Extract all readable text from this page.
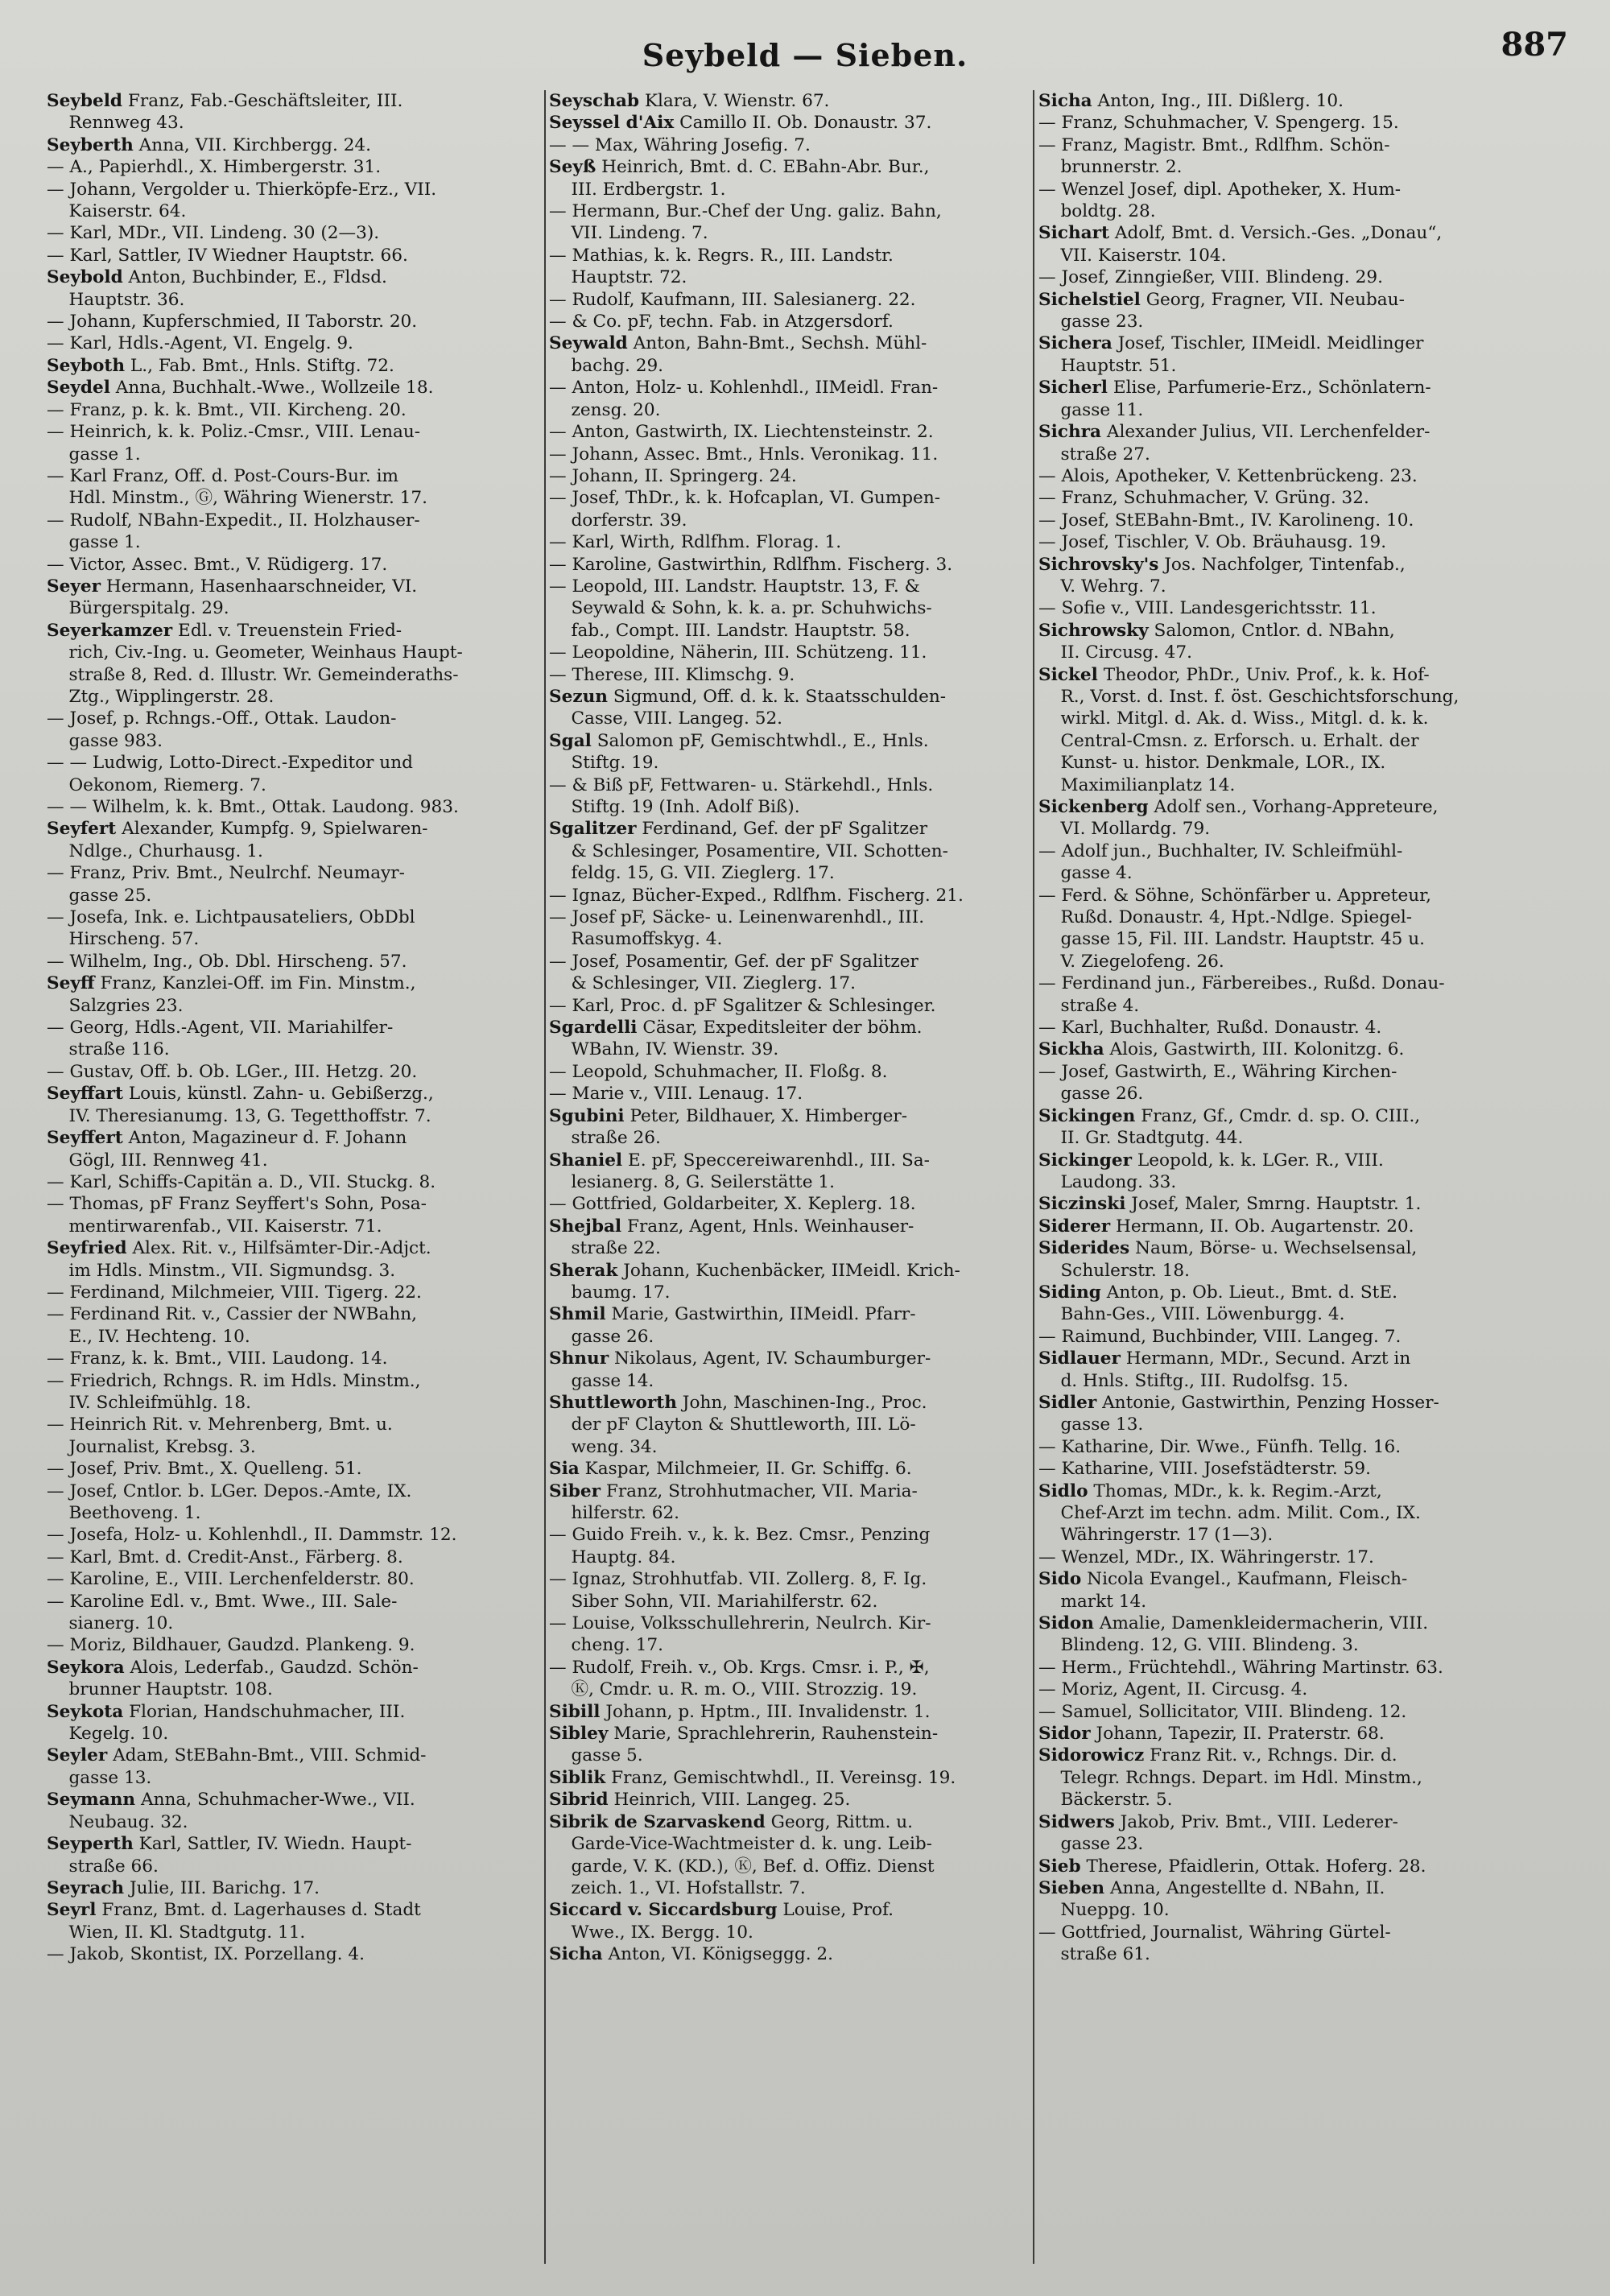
Seybeld — Sieben.	887
Seybeld Franz, Fab.-Geschäftsleiter, III.
Rennweg 43.
Seyberth Anna, VII. Kirchbergg. 24.
— A., Papierhdl., X. Himbergerstr. 31.
— Johann, Vergolder u. Thierköpfe-Erz., VII.
Kaiserstr. 64.
— Karl, MDr., VII. Lindeng. 30 (2—3).
— Karl, Sattler, IV Wiedner Hauptstr. 66.
Seybold Anton, Buchbinder, E., Fldsd.
Hauptstr. 36.
— Johann, Kupferschmied, II Taborstr. 20.
— Karl, Hdls.-Agent, VI. Engelg. 9.
Seyboth L., Fab. Bmt., Hnls. Stiftg. 72.
Seydel Anna, Buchhalt.-Wwe., Wollzeile 18.
— Franz, p. k. k. Bmt., VII. Kircheng. 20.
— Heinrich, k. k. Poliz.-Cmsr., VIII. Lenau-
gasse 1.
— Karl Franz, Off. d. Post-Cours-Bur. im
Hdl. Minstm., Ⓖ, Währing Wienerstr. 17.
— Rudolf, NBahn-Expedit., II. Holzhauser-
gasse 1.
— Victor, Assec. Bmt., V. Rüdigerg. 17.
Seyer Hermann, Hasenhaarschneider, VI.
Bürgerspitalg. 29.
Seyerkamzer Edl. v. Treuenstein Fried-
rich, Civ.-Ing. u. Geometer, Weinhaus Haupt-
straße 8, Red. d. Illustr. Wr. Gemeinderaths-
Ztg., Wipplingerstr. 28.
— Josef, p. Rchngs.-Off., Ottak. Laudon-
gasse 983.
— — Ludwig, Lotto-Direct.-Expeditor und
Oekonom, Riemerg. 7.
— — Wilhelm, k. k. Bmt., Ottak. Laudong. 983.
Seyfert Alexander, Kumpfg. 9, Spielwaren-
Ndlge., Churhausg. 1.
— Franz, Priv. Bmt., Neulrchf. Neumayr-
gasse 25.
— Josefa, Ink. e. Lichtpausateliers, ObDbl
Hirscheng. 57.
— Wilhelm, Ing., Ob. Dbl. Hirscheng. 57.
Seyff Franz, Kanzlei-Off. im Fin. Minstm.,
Salzgries 23.
— Georg, Hdls.-Agent, VII. Mariahilfer-
straße 116.
— Gustav, Off. b. Ob. LGer., III. Hetzg. 20.
Seyffart Louis, künstl. Zahn- u. Gebißerzg.,
IV. Theresianumg. 13, G. Tegetthoffstr. 7.
Seyffert Anton, Magazineur d. F. Johann
Gögl, III. Rennweg 41.
— Karl, Schiffs-Capitän a. D., VII. Stuckg. 8.
— Thomas, pF Franz Seyffert's Sohn, Posa-
mentirwarenfab., VII. Kaiserstr. 71.
Seyfried Alex. Rit. v., Hilfsämter-Dir.-Adjct.
im Hdls. Minstm., VII. Sigmundsg. 3.
— Ferdinand, Milchmeier, VIII. Tigerg. 22.
— Ferdinand Rit. v., Cassier der NWBahn,
E., IV. Hechteng. 10.
— Franz, k. k. Bmt., VIII. Laudong. 14.
— Friedrich, Rchngs. R. im Hdls. Minstm.,
IV. Schleifmühlg. 18.
— Heinrich Rit. v. Mehrenberg, Bmt. u.
Journalist, Krebsg. 3.
— Josef, Priv. Bmt., X. Quelleng. 51.
— Josef, Cntlor. b. LGer. Depos.-Amte, IX.
Beethoveng. 1.
— Josefa, Holz- u. Kohlenhdl., II. Dammstr. 12.
— Karl, Bmt. d. Credit-Anst., Färberg. 8.
— Karoline, E., VIII. Lerchenfelderstr. 80.
— Karoline Edl. v., Bmt. Wwe., III. Sale-
sianerg. 10.
— Moriz, Bildhauer, Gaudzd. Plankeng. 9.
Seykora Alois, Lederfab., Gaudzd. Schön-
brunner Hauptstr. 108.
Seykota Florian, Handschuhmacher, III.
Kegelg. 10.
Seyler Adam, StEBahn-Bmt., VIII. Schmid-
gasse 13.
Seymann Anna, Schuhmacher-Wwe., VII.
Neubaug. 32.
Seyperth Karl, Sattler, IV. Wiedn. Haupt-
straße 66.
Seyrach Julie, III. Barichg. 17.
Seyrl Franz, Bmt. d. Lagerhauses d. Stadt
Wien, II. Kl. Stadtgutg. 11.
— Jakob, Skontist, IX. Porzellang. 4.
Seyschab Klara, V. Wienstr. 67.
Seyssel d'Aix Camillo II. Ob. Donaustr. 37.
— — Max, Währing Josefig. 7.
Seyß Heinrich, Bmt. d. C. EBahn-Abr. Bur.,
III. Erdbergstr. 1.
— Hermann, Bur.-Chef der Ung. galiz. Bahn,
VII. Lindeng. 7.
— Mathias, k. k. Regrs. R., III. Landstr.
Hauptstr. 72.
— Rudolf, Kaufmann, III. Salesianerg. 22.
— & Co. pF, techn. Fab. in Atzgersdorf.
Seywald Anton, Bahn-Bmt., Sechsh. Mühl-
bachg. 29.
— Anton, Holz- u. Kohlenhdl., IIMeidl. Fran-
zensg. 20.
— Anton, Gastwirth, IX. Liechtensteinstr. 2.
— Johann, Assec. Bmt., Hnls. Veronikag. 11.
— Johann, II. Springerg. 24.
— Josef, ThDr., k. k. Hofcaplan, VI. Gumpen-
dorferstr. 39.
— Karl, Wirth, Rdlfhm. Florag. 1.
— Karoline, Gastwirthin, Rdlfhm. Fischerg. 3.
— Leopold, III. Landstr. Hauptstr. 13, F. &
Seywald & Sohn, k. k. a. pr. Schuhwichs-
fab., Compt. III. Landstr. Hauptstr. 58.
— Leopoldine, Näherin, III. Schützeng. 11.
— Therese, III. Klimschg. 9.
Sezun Sigmund, Off. d. k. k. Staatsschulden-
Casse, VIII. Langeg. 52.
Sgal Salomon pF, Gemischtwhdl., E., Hnls.
Stiftg. 19.
— & Biß pF, Fettwaren- u. Stärkehdl., Hnls.
Stiftg. 19 (Inh. Adolf Biß).
Sgalitzer Ferdinand, Gef. der pF Sgalitzer
& Schlesinger, Posamentire, VII. Schotten-
feldg. 15, G. VII. Zieglerg. 17.
— Ignaz, Bücher-Exped., Rdlfhm. Fischerg. 21.
— Josef pF, Säcke- u. Leinenwarenhdl., III.
Rasumoffskyg. 4.
— Josef, Posamentir, Gef. der pF Sgalitzer
& Schlesinger, VII. Zieglerg. 17.
— Karl, Proc. d. pF Sgalitzer & Schlesinger.
Sgardelli Cäsar, Expeditsleiter der böhm.
WBahn, IV. Wienstr. 39.
— Leopold, Schuhmacher, II. Floßg. 8.
— Marie v., VIII. Lenaug. 17.
Sgubini Peter, Bildhauer, X. Himberger-
straße 26.
Shaniel E. pF, Speccereiwarenhdl., III. Sa-
lesianerg. 8, G. Seilerstätte 1.
— Gottfried, Goldarbeiter, X. Keplerg. 18.
Shejbal Franz, Agent, Hnls. Weinhauser-
straße 22.
Sherak Johann, Kuchenbäcker, IIMeidl. Krich-
baumg. 17.
Shmil Marie, Gastwirthin, IIMeidl. Pfarr-
gasse 26.
Shnur Nikolaus, Agent, IV. Schaumburger-
gasse 14.
Shuttleworth John, Maschinen-Ing., Proc.
der pF Clayton & Shuttleworth, III. Lö-
weng. 34.
Sia Kaspar, Milchmeier, II. Gr. Schiffg. 6.
Siber Franz, Strohhutmacher, VII. Maria-
hilferstr. 62.
— Guido Freih. v., k. k. Bez. Cmsr., Penzing
Hauptg. 84.
— Ignaz, Strohhutfab. VII. Zollerg. 8, F. Ig.
Siber Sohn, VII. Mariahilferstr. 62.
— Louise, Volksschullehrerin, Neulrch. Kir-
cheng. 17.
— Rudolf, Freih. v., Ob. Krgs. Cmsr. i. P., ✠,
Ⓚ, Cmdr. u. R. m. O., VIII. Strozzig. 19.
Sibill Johann, p. Hptm., III. Invalidenstr. 1.
Sibley Marie, Sprachlehrerin, Rauhenstein-
gasse 5.
Siblik Franz, Gemischtwhdl., II. Vereinsg. 19.
Sibrid Heinrich, VIII. Langeg. 25.
Sibrik de Szarvaskend Georg, Rittm. u.
Garde-Vice-Wachtmeister d. k. ung. Leib-
garde, V. K. (KD.), Ⓚ, Bef. d. Offiz. Dienst
zeich. 1., VI. Hofstallstr. 7.
Siccard v. Siccardsburg Louise, Prof.
Wwe., IX. Bergg. 10.
Sicha Anton, VI. Königseggg. 2.
Sicha Anton, Ing., III. Dißlerg. 10.
— Franz, Schuhmacher, V. Spengerg. 15.
— Franz, Magistr. Bmt., Rdlfhm. Schön-
brunnerstr. 2.
— Wenzel Josef, dipl. Apotheker, X. Hum-
boldtg. 28.
Sichart Adolf, Bmt. d. Versich.-Ges. „Donau“,
VII. Kaiserstr. 104.
— Josef, Zinngießer, VIII. Blindeng. 29.
Sichelstiel Georg, Fragner, VII. Neubau-
gasse 23.
Sichera Josef, Tischler, IIMeidl. Meidlinger
Hauptstr. 51.
Sicherl Elise, Parfumerie-Erz., Schönlatern-
gasse 11.
Sichra Alexander Julius, VII. Lerchenfelder-
straße 27.
— Alois, Apotheker, V. Kettenbrückeng. 23.
— Franz, Schuhmacher, V. Grüng. 32.
— Josef, StEBahn-Bmt., IV. Karolineng. 10.
— Josef, Tischler, V. Ob. Bräuhausg. 19.
Sichrovsky's Jos. Nachfolger, Tintenfab.,
V. Wehrg. 7.
— Sofie v., VIII. Landesgerichtsstr. 11.
Sichrowsky Salomon, Cntlor. d. NBahn,
II. Circusg. 47.
Sickel Theodor, PhDr., Univ. Prof., k. k. Hof-
R., Vorst. d. Inst. f. öst. Geschichtsforschung,
wirkl. Mitgl. d. Ak. d. Wiss., Mitgl. d. k. k.
Central-Cmsn. z. Erforsch. u. Erhalt. der
Kunst- u. histor. Denkmale, LOR., IX.
Maximilianplatz 14.
Sickenberg Adolf sen., Vorhang-Appreteure,
VI. Mollardg. 79.
— Adolf jun., Buchhalter, IV. Schleifmühl-
gasse 4.
— Ferd. & Söhne, Schönfärber u. Appreteur,
Rußd. Donaustr. 4, Hpt.-Ndlge. Spiegel-
gasse 15, Fil. III. Landstr. Hauptstr. 45 u.
V. Ziegelofeng. 26.
— Ferdinand jun., Färbereibes., Rußd. Donau-
straße 4.
— Karl, Buchhalter, Rußd. Donaustr. 4.
Sickha Alois, Gastwirth, III. Kolonitzg. 6.
— Josef, Gastwirth, E., Währing Kirchen-
gasse 26.
Sickingen Franz, Gf., Cmdr. d. sp. O. CIII.,
II. Gr. Stadtgutg. 44.
Sickinger Leopold, k. k. LGer. R., VIII.
Laudong. 33.
Siczinski Josef, Maler, Smrng. Hauptstr. 1.
Siderer Hermann, II. Ob. Augartenstr. 20.
Siderides Naum, Börse- u. Wechselsensal,
Schulerstr. 18.
Siding Anton, p. Ob. Lieut., Bmt. d. StE.
Bahn-Ges., VIII. Löwenburgg. 4.
— Raimund, Buchbinder, VIII. Langeg. 7.
Sidlauer Hermann, MDr., Secund. Arzt in
d. Hnls. Stiftg., III. Rudolfsg. 15.
Sidler Antonie, Gastwirthin, Penzing Hosser-
gasse 13.
— Katharine, Dir. Wwe., Fünfh. Tellg. 16.
— Katharine, VIII. Josefstädterstr. 59.
Sidlo Thomas, MDr., k. k. Regim.-Arzt,
Chef-Arzt im techn. adm. Milit. Com., IX.
Währingerstr. 17 (1—3).
— Wenzel, MDr., IX. Währingerstr. 17.
Sido Nicola Evangel., Kaufmann, Fleisch-
markt 14.
Sidon Amalie, Damenkleidermacherin, VIII.
Blindeng. 12, G. VIII. Blindeng. 3.
— Herm., Früchtehdl., Währing Martinstr. 63.
— Moriz, Agent, II. Circusg. 4.
— Samuel, Sollicitator, VIII. Blindeng. 12.
Sidor Johann, Tapezir, II. Praterstr. 68.
Sidorowicz Franz Rit. v., Rchngs. Dir. d.
Telegr. Rchngs. Depart. im Hdl. Minstm.,
Bäckerstr. 5.
Sidwers Jakob, Priv. Bmt., VIII. Lederer-
gasse 23.
Sieb Therese, Pfaidlerin, Ottak. Hoferg. 28.
Sieben Anna, Angestellte d. NBahn, II.
Nueppg. 10.
— Gottfried, Journalist, Währing Gürtel-
straße 61.
